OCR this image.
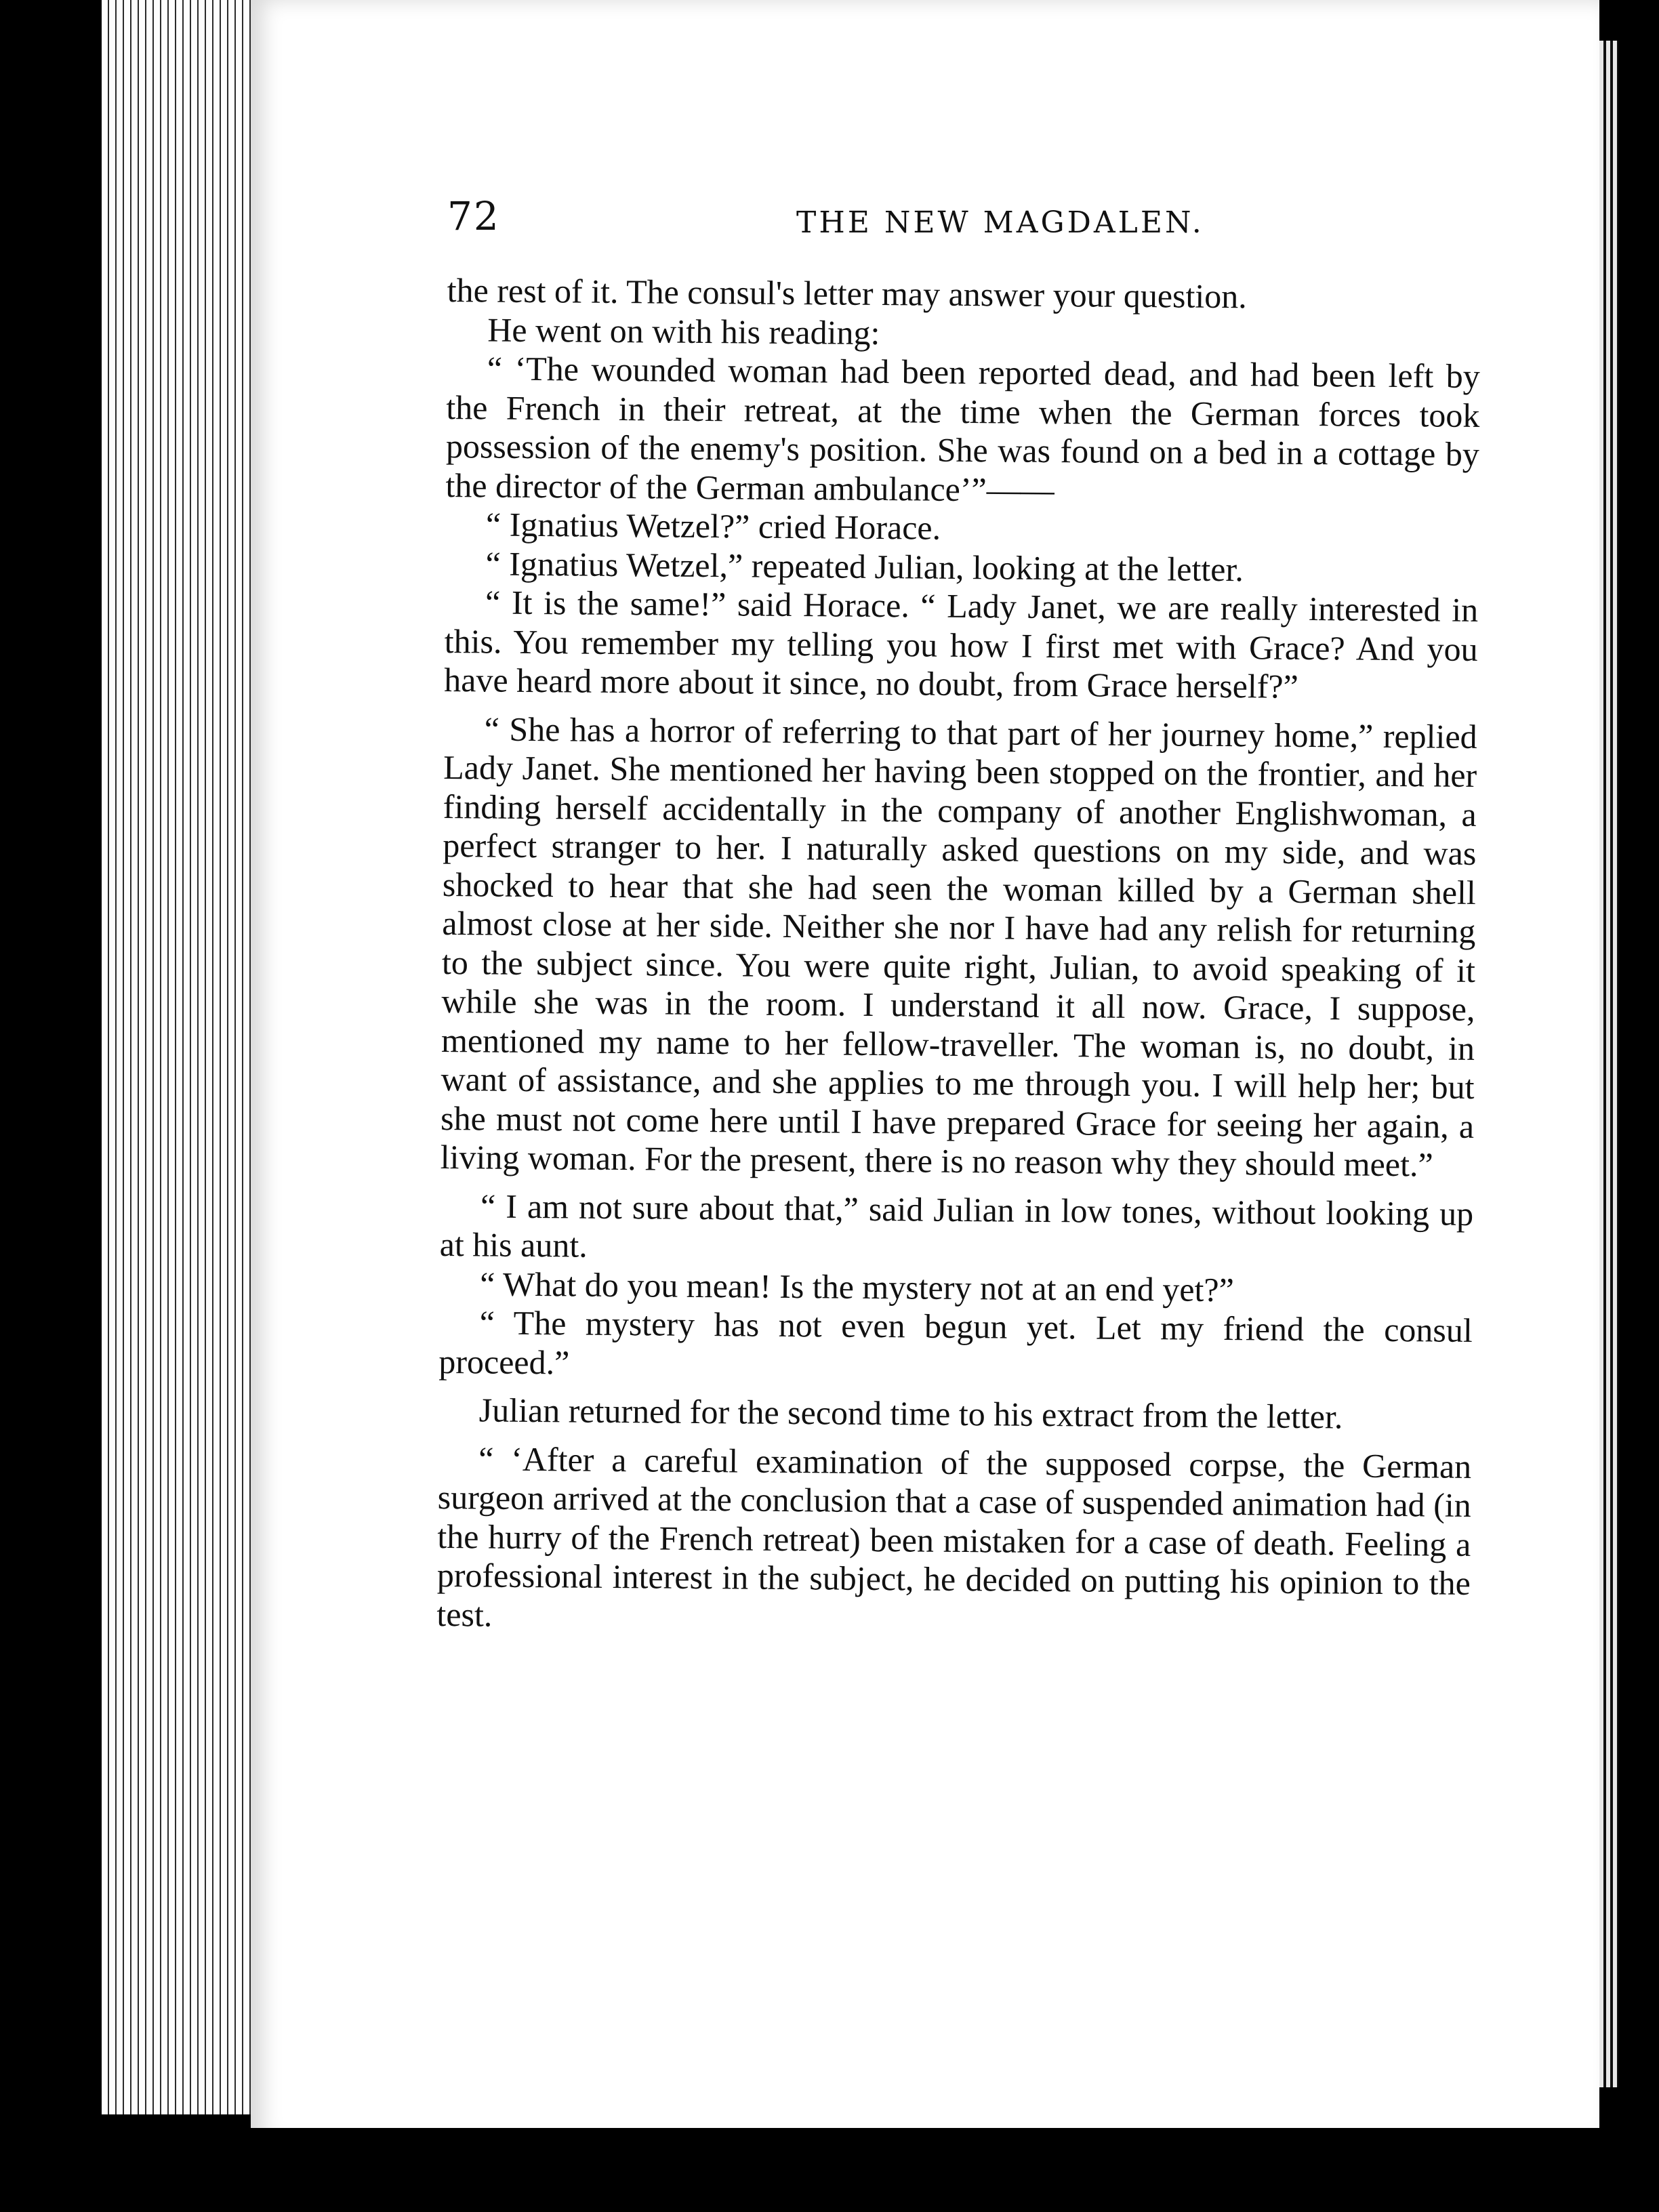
72	THE NEW MAGDALEN.

the rest of it. The consul's letter may answer your question.

He went on with his reading:

“ ‘The wounded woman had been reported dead, and had been left by the French in their retreat, at the time when the German forces took possession of the enemy's position. She was found on a bed in a cottage by the director of the German ambulance’”——

“ Ignatius Wetzel?” cried Horace.

“ Ignatius Wetzel,” repeated Julian, looking at the letter.

“ It is the same!” said Horace. “ Lady Janet, we are really interested in this. You remember my telling you how I first met with Grace? And you have heard more about it since, no doubt, from Grace herself?”

“ She has a horror of referring to that part of her journey home,” replied Lady Janet. She mentioned her having been stopped on the frontier, and her finding herself accidentally in the company of another Englishwoman, a perfect stranger to her. I naturally asked questions on my side, and was shocked to hear that she had seen the woman killed by a German shell almost close at her side. Neither she nor I have had any relish for returning to the subject since. You were quite right, Julian, to avoid speaking of it while she was in the room. I understand it all now. Grace, I suppose, mentioned my name to her fellow-traveller. The woman is, no doubt, in want of assistance, and she applies to me through you. I will help her; but she must not come here until I have prepared Grace for seeing her again, a living woman. For the present, there is no reason why they should meet.”

“ I am not sure about that,” said Julian in low tones, without looking up at his aunt.

“ What do you mean! Is the mystery not at an end yet?”

“ The mystery has not even begun yet. Let my friend the consul proceed.”

Julian returned for the second time to his extract from the letter.

“ ‘After a careful examination of the supposed corpse, the German surgeon arrived at the conclusion that a case of suspended animation had (in the hurry of the French retreat) been mistaken for a case of death. Feeling a professional interest in the subject, he decided on putting his opinion to the test.

▪
▼
